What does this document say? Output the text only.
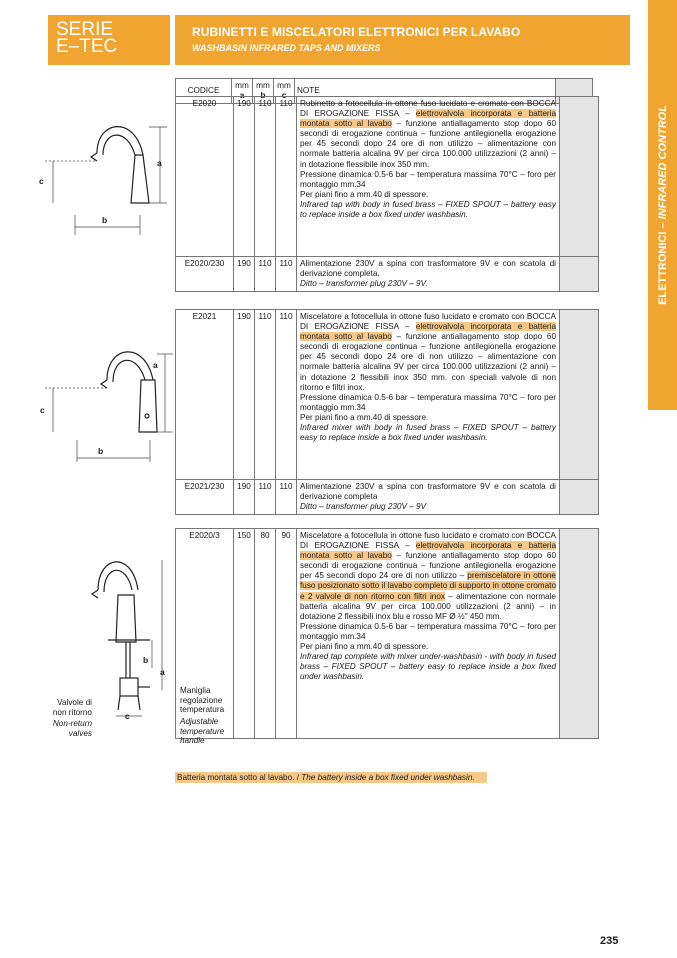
SERIE
E–TEC
RUBINETTI E MISCELATORI ELETTRONICI PER LAVABO
WASHBASIN INFRARED TAPS AND MIXERS
ELETTRONICI – INFRARED CONTROL
CODICE	mm a	mm b	mm c	NOTE	
E2020	190	110	110	Rubinetto a fotocellula in ottone fuso lucidato e cromato con BOCCA DI EROGAZIONE FISSA – elettrovalvola incorporata e batteria montata sotto al lavabo – funzione antiallagamento stop dopo 60 secondi di erogazione continua – funzione antilegionella erogazione per 45 secondi dopo 24 ore di non utilizzo – alimentazione con normale batteria alcalina 9V per circa 100.000 utilizzazioni (2 anni) – in dotazione flessibile inox 350 mm.
Pressione dinamica 0.5-6 bar – temperatura massima 70°C – foro per montaggio mm.34
Per piani fino a mm.40 di spessore.
Infrared tap with body in fused brass – FIXED SPOUT – battery easy to replace inside a box fixed under washbasin.	
E2020/230	190	110	110	Alimentazione 230V a spina con trasformatore 9V e con scatola di derivazione completa.
Ditto – transformer plug 230V – 9V.	
E2021	190	110	110	Miscelatore a fotocellula in ottone fuso lucidato e cromato con BOCCA DI EROGAZIONE FISSA – elettrovalvola incorporata e batteria montata sotto al lavabo – funzione antiallagamento stop dopo 60 secondi di erogazione continua – funzione antilegionella erogazione per 45 secondi dopo 24 ore di non utilizzo – alimentazione con normale batteria alcalina 9V per circa 100.000 utilizzazioni (2 anni) – in dotazione 2 flessibili inox 350 mm. con speciali valvole di non ritorno e filtri inox.
Pressione dinamica 0.5-6 bar – temperatura massima 70°C – foro per montaggio mm.34
Per piani fino a mm.40 di spessore.
Infrared mixer with body in fused brass – FIXED SPOUT – battery easy to replace inside a box fixed under washbasin.	
E2021/230	190	110	110	Alimentazione 230V a spina con trasformatore 9V e con scatola di derivazione completa
Ditto – transformer plug 230V – 9V	
E2020/3	150	80	90	Miscelatore a fotocellula in ottone fuso lucidato e cromato con BOCCA DI EROGAZIONE FISSA – elettrovalvola incorporata e batteria montata sotto al lavabo – funzione antiallagamento stop dopo 60 secondi di erogazione continua – funzione antilegionella erogazione per 45 secondi dopo 24 ore di non utilizzo – premiscelatore in ottone fuso posizionato sotto il lavabo completo di supporto in ottone cromato e 2 valvole di non ritorno con filtri inox – alimentazione con normale batteria alcalina 9V per circa 100.000 utilizzazioni (2 anni) – in dotazione 2 flessibili inox blu e rosso MF Ø ½" 450 mm.
Pressione dinamica 0.5-6 bar – temperatura massima 70°C – foro per montaggio mm.34
Per piani fino a mm.40 di spessore.
Infrared tap complete with mixer under-washbasin - with body in fused brass – FIXED SPOUT – battery easy to replace inside a box fixed under washbasin.	
a
c
b
a
c
b
b
a
c
Valvole di non ritorno
Non-return valves
Maniglia regolazione temperatura
Adjustable temperature handle
Batteria montata sotto al lavabo. / The battery inside a box fixed under washbasin.
235
